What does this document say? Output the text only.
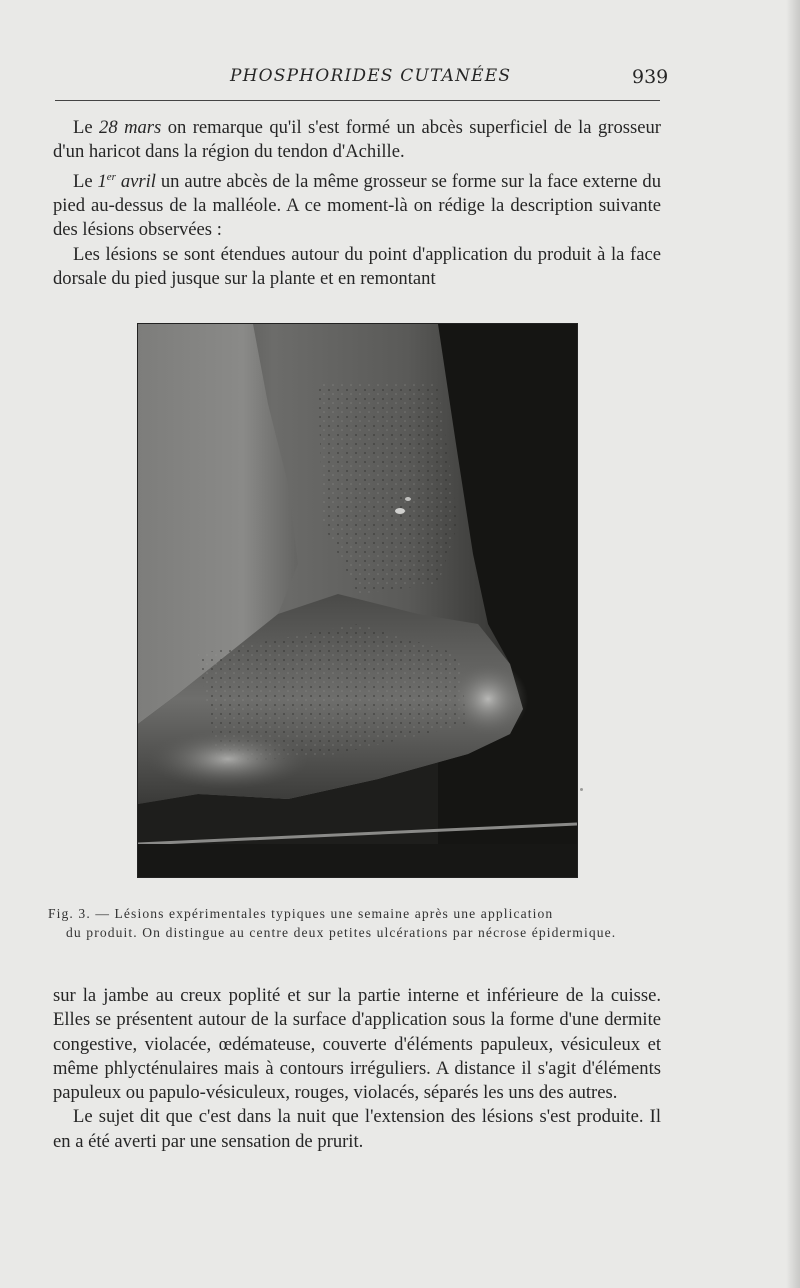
PHOSPHORIDES CUTANÉES	939

Le 28 mars on remarque qu'il s'est formé un abcès superficiel de la grosseur d'un haricot dans la région du tendon d'Achille.

Le 1er avril un autre abcès de la même grosseur se forme sur la face externe du pied au-dessus de la malléole. A ce moment-là on rédige la description suivante des lésions observées :

Les lésions se sont étendues autour du point d'application du produit à la face dorsale du pied jusque sur la plante et en remontant

Fig. 3. — Lésions expérimentales typiques une semaine après une application
du produit. On distingue au centre deux petites ulcérations par nécrose épidermique.

sur la jambe au creux poplité et sur la partie interne et inférieure de la cuisse. Elles se présentent autour de la surface d'application sous la forme d'une dermite congestive, violacée, œdémateuse, couverte d'éléments papuleux, vésiculeux et même phlycténulaires mais à contours irréguliers. A distance il s'agit d'éléments papuleux ou papulo-vésiculeux, rouges, violacés, séparés les uns des autres.

Le sujet dit que c'est dans la nuit que l'extension des lésions s'est produite. Il en a été averti par une sensation de prurit.
